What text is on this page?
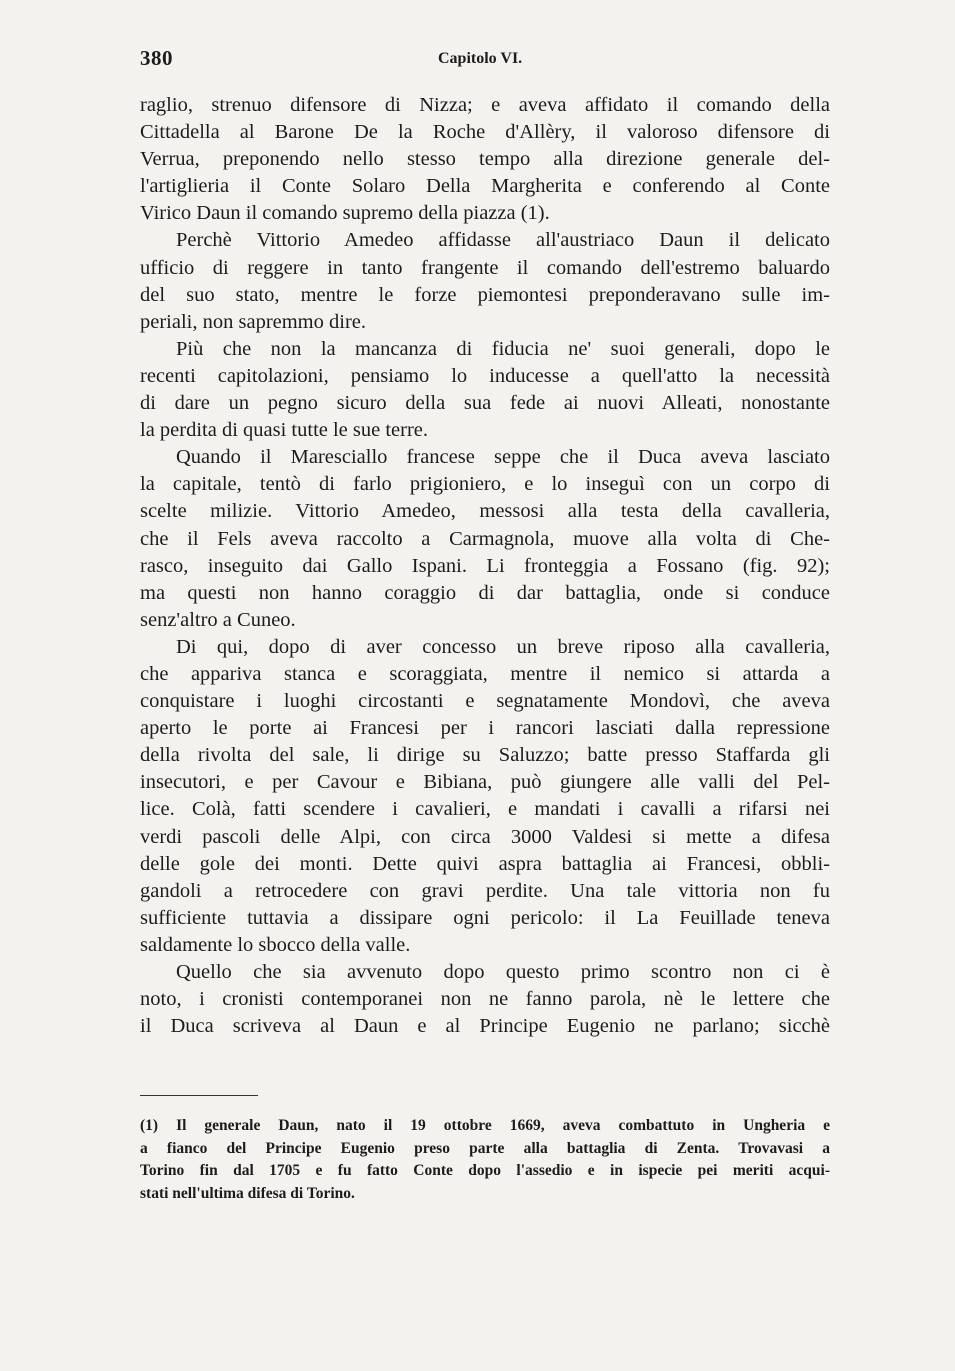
380	Capitolo VI.
raglio, strenuo difensore di Nizza; e aveva affidato il comando della
Cittadella al Barone De la Roche d'Allèry, il valoroso difensore di
Verrua, preponendo nello stesso tempo alla direzione generale del-
l'artiglieria il Conte Solaro Della Margherita e conferendo al Conte
Virico Daun il comando supremo della piazza (1).
Perchè Vittorio Amedeo affidasse all'austriaco Daun il delicato
ufficio di reggere in tanto frangente il comando dell'estremo baluardo
del suo stato, mentre le forze piemontesi preponderavano sulle im-
periali, non sapremmo dire.
Più che non la mancanza di fiducia ne' suoi generali, dopo le
recenti capitolazioni, pensiamo lo inducesse a quell'atto la necessità
di dare un pegno sicuro della sua fede ai nuovi Alleati, nonostante
la perdita di quasi tutte le sue terre.
Quando il Maresciallo francese seppe che il Duca aveva lasciato
la capitale, tentò di farlo prigioniero, e lo inseguì con un corpo di
scelte milizie. Vittorio Amedeo, messosi alla testa della cavalleria,
che il Fels aveva raccolto a Carmagnola, muove alla volta di Che-
rasco, inseguito dai Gallo Ispani. Li fronteggia a Fossano (fig. 92);
ma questi non hanno coraggio di dar battaglia, onde si conduce
senz'altro a Cuneo.
Di qui, dopo di aver concesso un breve riposo alla cavalleria,
che appariva stanca e scoraggiata, mentre il nemico si attarda a
conquistare i luoghi circostanti e segnatamente Mondovì, che aveva
aperto le porte ai Francesi per i rancori lasciati dalla repressione
della rivolta del sale, li dirige su Saluzzo; batte presso Staffarda gli
insecutori, e per Cavour e Bibiana, può giungere alle valli del Pel-
lice. Colà, fatti scendere i cavalieri, e mandati i cavalli a rifarsi nei
verdi pascoli delle Alpi, con circa 3000 Valdesi si mette a difesa
delle gole dei monti. Dette quivi aspra battaglia ai Francesi, obbli-
gandoli a retrocedere con gravi perdite. Una tale vittoria non fu
sufficiente tuttavia a dissipare ogni pericolo: il La Feuillade teneva
saldamente lo sbocco della valle.
Quello che sia avvenuto dopo questo primo scontro non ci è
noto, i cronisti contemporanei non ne fanno parola, nè le lettere che
il Duca scriveva al Daun e al Principe Eugenio ne parlano; sicchè
(1) Il generale Daun, nato il 19 ottobre 1669, aveva combattuto in Ungheria e
a fianco del Principe Eugenio preso parte alla battaglia di Zenta. Trovavasi a
Torino fin dal 1705 e fu fatto Conte dopo l'assedio e in ispecie pei meriti acqui-
stati nell'ultima difesa di Torino.
